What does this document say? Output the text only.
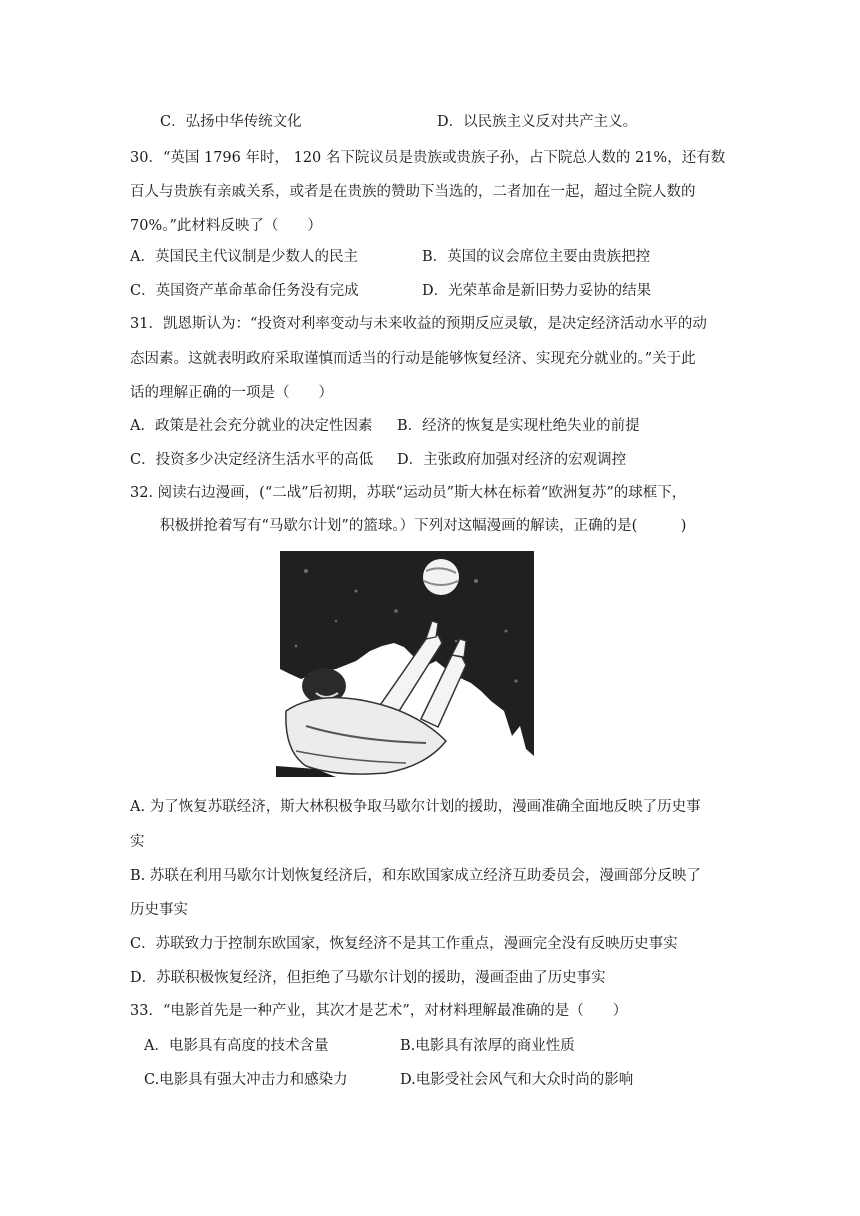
C．弘扬中华传统文化	D．以民族主义反对共产主义。
30．“英国 1796 年时， 120 名下院议员是贵族或贵族子孙，占下院总人数的 21%，还有数
百人与贵族有亲戚关系，或者是在贵族的赞助下当选的，二者加在一起，超过全院人数的
70%。”此材料反映了（　　）
A．英国民主代议制是少数人的民主	B．英国的议会席位主要由贵族把控
C．英国资产革命革命任务没有完成	D．光荣革命是新旧势力妥协的结果
31．凯恩斯认为：“投资对利率变动与未来收益的预期反应灵敏，是决定经济活动水平的动
态因素。这就表明政府采取谨慎而适当的行动是能够恢复经济、实现充分就业的。”关于此
话的理解正确的一项是（　　）
A．政策是社会充分就业的决定性因素 B．经济的恢复是实现杜绝失业的前提
C．投资多少决定经济生活水平的高低 D．主张政府加强对经济的宏观调控
32. 阅读右边漫画，(“二战”后初期，苏联“运动员”斯大林在标着“欧洲复苏”的球框下，
积极拼抢着写有“马歇尔计划”的篮球。）下列对这幅漫画的解读，正确的是(　　　)
A. 为了恢复苏联经济，斯大林积极争取马歇尔计划的援助，漫画准确全面地反映了历史事
实
B. 苏联在利用马歇尔计划恢复经济后，和东欧国家成立经济互助委员会，漫画部分反映了
历史事实
C．苏联致力于控制东欧国家，恢复经济不是其工作重点，漫画完全没有反映历史事实
D．苏联积极恢复经济，但拒绝了马歇尔计划的援助，漫画歪曲了历史事实
33．“电影首先是一种产业，其次才是艺术”，对材料理解最准确的是（　　）
A．电影具有高度的技术含量	B.电影具有浓厚的商业性质
C.电影具有强大冲击力和感染力	D.电影受社会风气和大众时尚的影响
